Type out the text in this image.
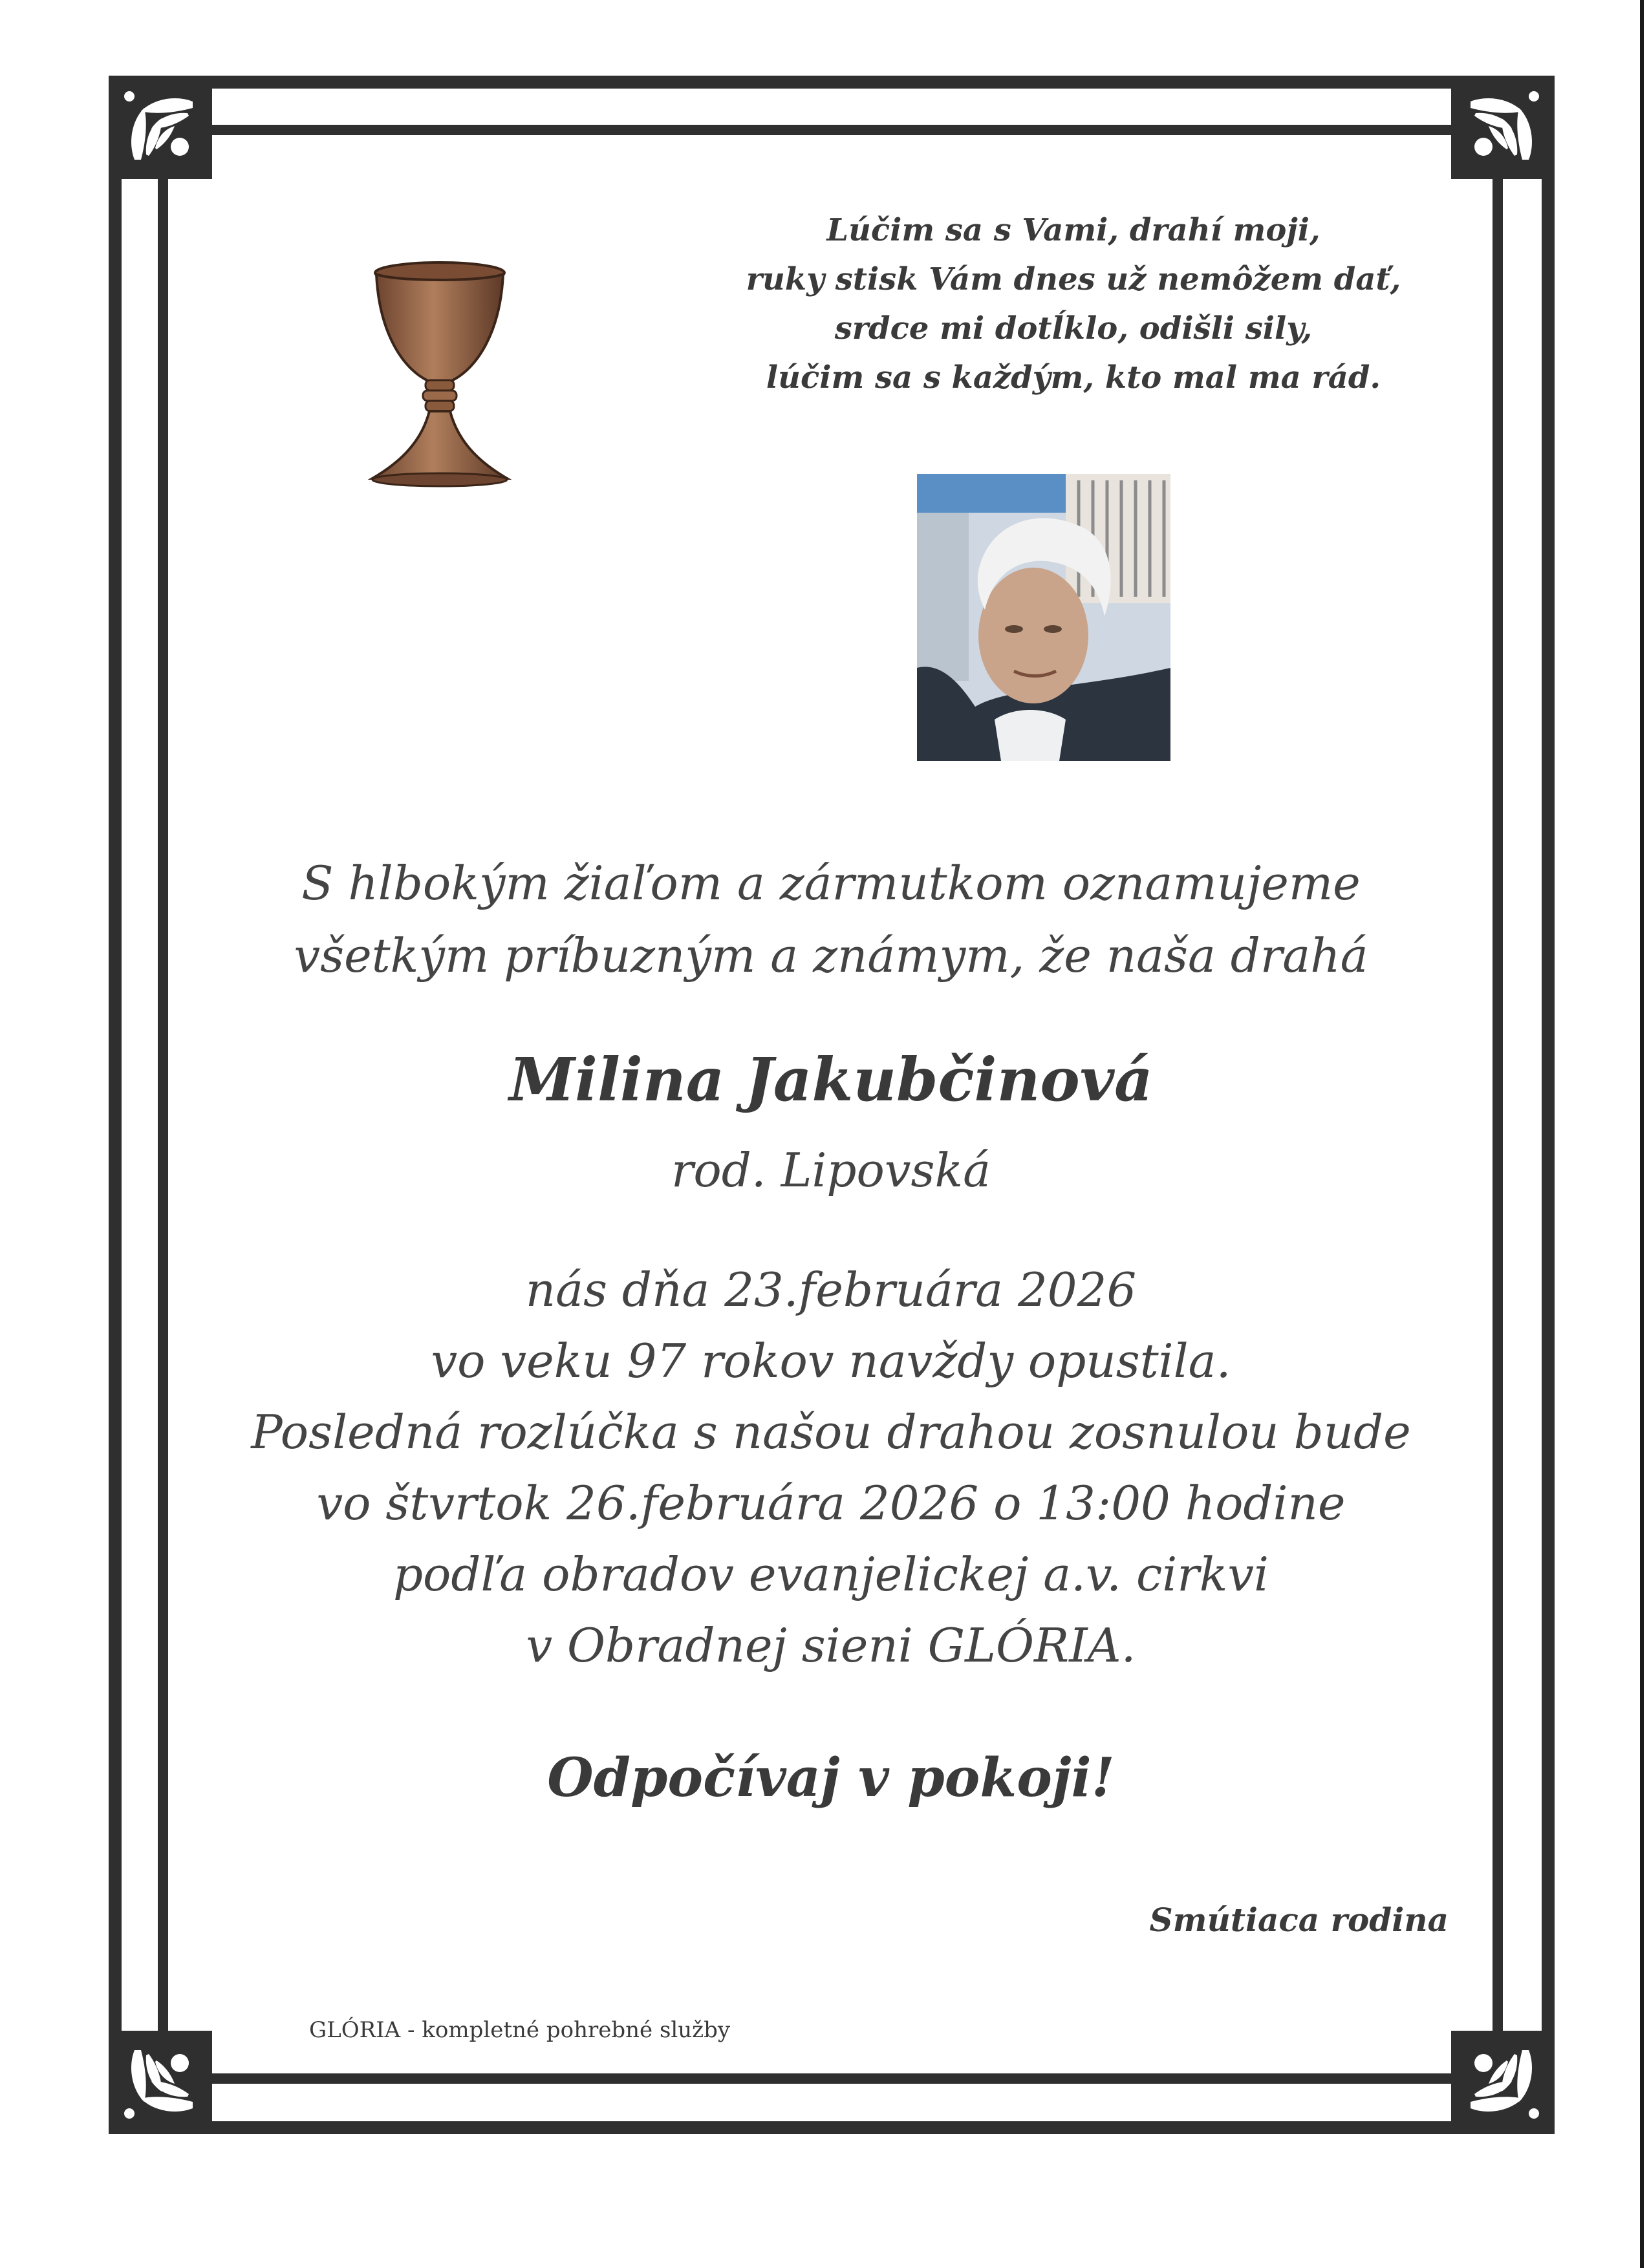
Lúčim sa s Vami, drahí moji,
ruky stisk Vám dnes už nemôžem dať,
srdce mi dotĺklo, odišli sily,
lúčim sa s každým, kto mal ma rád.
S hlbokým žiaľom a zármutkom oznamujeme
všetkým príbuzným a známym, že naša drahá
Milina Jakubčinová
rod. Lipovská
nás dňa 23.februára 2026
vo veku 97 rokov navždy opustila.
Posledná rozlúčka s našou drahou zosnulou bude
vo štvrtok 26.februára 2026 o 13:00 hodine
podľa obradov evanjelickej a.v. cirkvi
v Obradnej sieni GLÓRIA.
Odpočívaj v pokoji!
Smútiaca rodina
GLÓRIA - kompletné pohrebné služby
